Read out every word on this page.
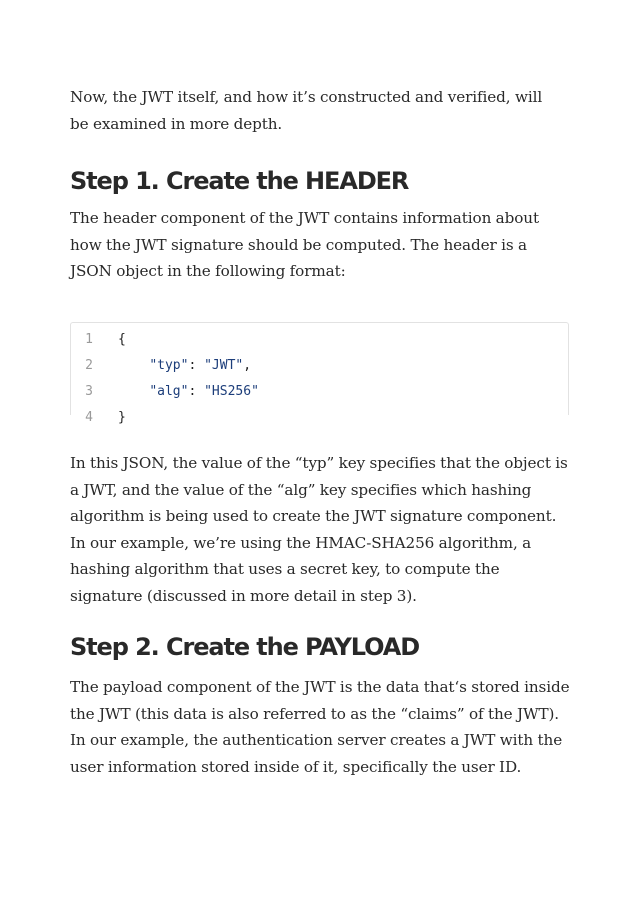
Now, the JWT itself, and how it’s constructed and verified, will be examined in more depth.

Step 1. Create the HEADER

The header component of the JWT contains information about how the JWT signature should be computed. The header is a JSON object in the following format:

1 {
2	"typ": "JWT",
3	"alg": "HS256"
4 }

In this JSON, the value of the “typ” key specifies that the object is a JWT, and the value of the “alg” key specifies which hashing algorithm is being used to create the JWT signature component. In our example, we’re using the HMAC-SHA256 algorithm, a hashing algorithm that uses a secret key, to compute the signature (discussed in more detail in step 3).

Step 2. Create the PAYLOAD

The payload component of the JWT is the data that‘s stored inside the JWT (this data is also referred to as the “claims” of the JWT). In our example, the authentication server creates a JWT with the user information stored inside of it, specifically the user ID.
